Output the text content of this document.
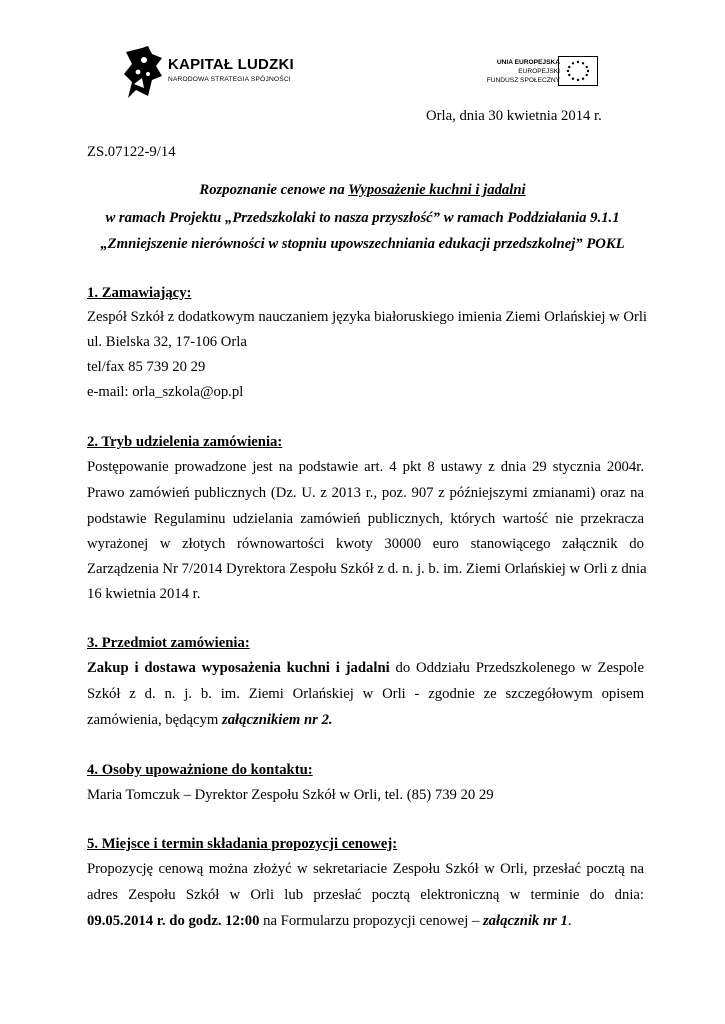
KAPITAŁ LUDZKI
NARODOWA STRATEGIA SPÓJNOŚCI
UNIA EUROPEJSKA
EUROPEJSKI
FUNDUSZ SPOŁECZNY
Orla, dnia 30 kwietnia 2014 r.
ZS.07122-9/14
Rozpoznanie cenowe na Wyposażenie kuchni i jadalni
w ramach Projektu „Przedszkolaki to nasza przyszłość” w ramach Poddziałania 9.1.1
„Zmniejszenie nierówności w stopniu upowszechniania edukacji przedszkolnej” POKL
1. Zamawiający:
Zespół Szkół z dodatkowym nauczaniem języka białoruskiego imienia Ziemi Orlańskiej w Orli
ul. Bielska 32, 17-106 Orla
tel/fax 85 739 20 29
e-mail: orla_szkola@op.pl
2. Tryb udzielenia zamówienia:
Postępowanie prowadzone jest na podstawie art. 4 pkt 8 ustawy z dnia 29 stycznia 2004r.
Prawo zamówień publicznych (Dz. U. z 2013 r., poz. 907 z późniejszymi zmianami) oraz na
podstawie Regulaminu udzielania zamówień publicznych, których wartość nie przekracza
wyrażonej w złotych równowartości kwoty 30000 euro stanowiącego załącznik do
Zarządzenia Nr 7/2014 Dyrektora Zespołu Szkół z d. n. j. b. im. Ziemi Orlańskiej w Orli z dnia
16 kwietnia 2014 r.
3. Przedmiot zamówienia:
Zakup i dostawa wyposażenia kuchni i jadalni do Oddziału Przedszkolenego w Zespole
Szkół z d. n. j. b. im. Ziemi Orlańskiej w Orli - zgodnie ze szczegółowym opisem
zamówienia, będącym załącznikiem nr 2.
4. Osoby upoważnione do kontaktu:
Maria Tomczuk – Dyrektor Zespołu Szkół w Orli, tel. (85) 739 20 29
5. Miejsce i termin składania propozycji cenowej:
Propozycję cenową można złożyć w sekretariacie Zespołu Szkół w Orli, przesłać pocztą na
adres Zespołu Szkół w Orli lub przesłać pocztą elektroniczną w terminie do dnia:
09.05.2014 r. do godz. 12:00 na Formularzu propozycji cenowej – załącznik nr 1.
